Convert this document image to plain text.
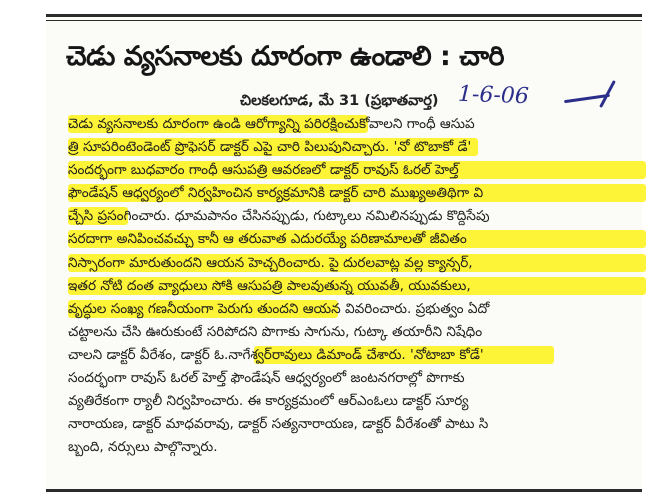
చెడు వ్యసనాలకు దూరంగా ఉండాలి : చారి
చిలకలగూడ, మే 31 (ప్రభాతవార్త) 1-6-06
చెడు వ్యసనాలకు దూరంగా ఉండి ఆరోగ్యాన్ని పరిరక్షించుకోవాలని గాంధీ ఆసుప
త్రి సూపరింటెండెంట్ ప్రొఫెసర్ డాక్టర్ ఎపై చారి పిలుపునిచ్చారు. 'నో టొబాకో డే'
సందర్భంగా బుధవారం గాంధీ ఆసుపత్రి ఆవరణలో డాక్టర్ రావుస్ ఓరల్ హెల్త్
ఫౌండేషన్ ఆధ్వర్యంలో నిర్వహించిన కార్యక్రమానికి డాక్టర్ చారి ముఖ్యఅతిథిగా వి
చ్చేసి ప్రసంగించారు. ధూమపానం చేసినప్పుడు, గుట్కాలు నమిలినప్పుడు కొద్దిసేపు
సరదాగా అనిపించవచ్చు కానీ ఆ తరువాత ఎదురయ్యే పరిణామాలతో జీవితం
నిస్సారంగా మారుతుందని ఆయన హెచ్చరించారు. పై దురలవాట్ల వల్ల క్యాన్సర్,
ఇతర నోటి దంత వ్యాధులు సోకి ఆసుపత్రి పాలవుతున్న యువతీ, యువకులు,
వృద్ధుల సంఖ్య గణనీయంగా పెరుగు తుందని ఆయన వివరించారు. ప్రభుత్వం ఏదో
చట్టాలను చేసి ఊరుకుంటే సరిపోదని పొగాకు సాగును, గుట్కా తయారీని నిషేధిం
చాలని డాక్టర్ వీరేశం, డాక్టర్ ఓ.నాగేశ్వర్‌రావులు డిమాండ్ చేశారు. 'నోటాబా కోడే'
సందర్భంగా రావుస్ ఓరల్ హెల్త్ ఫౌండేషన్ ఆధ్వర్యంలో జంటనగరాల్లో పొగాకు
వ్యతిరేకంగా ర్యాలీ నిర్వహించారు. ఈ కార్యక్రమంలో ఆర్‌ఎంఓలు డాక్టర్ సూర్య
నారాయణ, డాక్టర్ మాధవరావు, డాక్టర్ సత్యనారాయణ, డాక్టర్ వీరేశంతో పాటు సి
బ్బంది, నర్సులు పాల్గొన్నారు.
